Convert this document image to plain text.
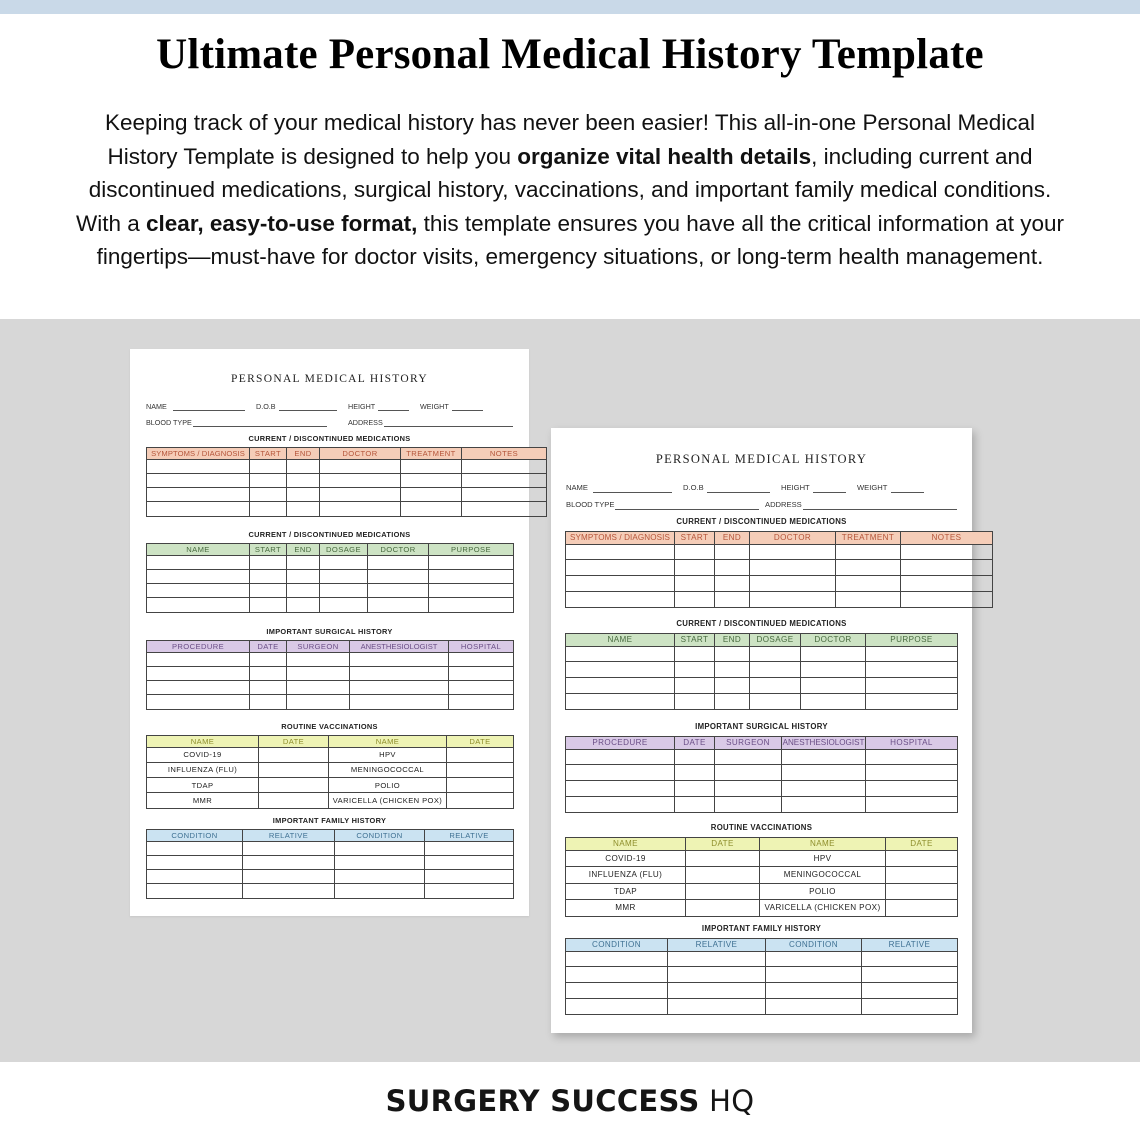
Ultimate Personal Medical History Template

Keeping track of your medical history has never been easier! This all-in-one Personal Medical History Template is designed to help you organize vital health details, including current and discontinued medications, surgical history, vaccinations, and important family medical conditions. With a clear, easy-to-use format, this template ensures you have all the critical information at your fingertips—must-have for doctor visits, emergency situations, or long-term health management.

PERSONAL MEDICAL HISTORY
NAME	D.O.B	HEIGHT	WEIGHT
BLOOD TYPE	ADDRESS
CURRENT / DISCONTINUED MEDICATIONS
SYMPTOMS / DIAGNOSIS	START	END	DOCTOR	TREATMENT	NOTES

CURRENT / DISCONTINUED MEDICATIONS
NAME	START	END	DOSAGE	DOCTOR	PURPOSE

IMPORTANT SURGICAL HISTORY
PROCEDURE	DATE	SURGEON	ANESTHESIOLOGIST	HOSPITAL

ROUTINE VACCINATIONS
NAME	DATE	NAME	DATE
COVID-19		HPV	
INFLUENZA (FLU)		MENINGOCOCCAL	
TDAP		POLIO	
MMR		VARICELLA (CHICKEN POX)	
IMPORTANT FAMILY HISTORY
CONDITION	RELATIVE	CONDITION	RELATIVE

PERSONAL MEDICAL HISTORY
NAME	D.O.B	HEIGHT	WEIGHT
BLOOD TYPE	ADDRESS
CURRENT / DISCONTINUED MEDICATIONS
SYMPTOMS / DIAGNOSIS	START	END	DOCTOR	TREATMENT	NOTES

CURRENT / DISCONTINUED MEDICATIONS
NAME	START	END	DOSAGE	DOCTOR	PURPOSE

IMPORTANT SURGICAL HISTORY
PROCEDURE	DATE	SURGEON	ANESTHESIOLOGIST	HOSPITAL

ROUTINE VACCINATIONS
NAME	DATE	NAME	DATE
COVID-19		HPV	
INFLUENZA (FLU)		MENINGOCOCCAL	
TDAP		POLIO	
MMR		VARICELLA (CHICKEN POX)	
IMPORTANT FAMILY HISTORY
CONDITION	RELATIVE	CONDITION	RELATIVE

SURGERY SUCCESS HQ
